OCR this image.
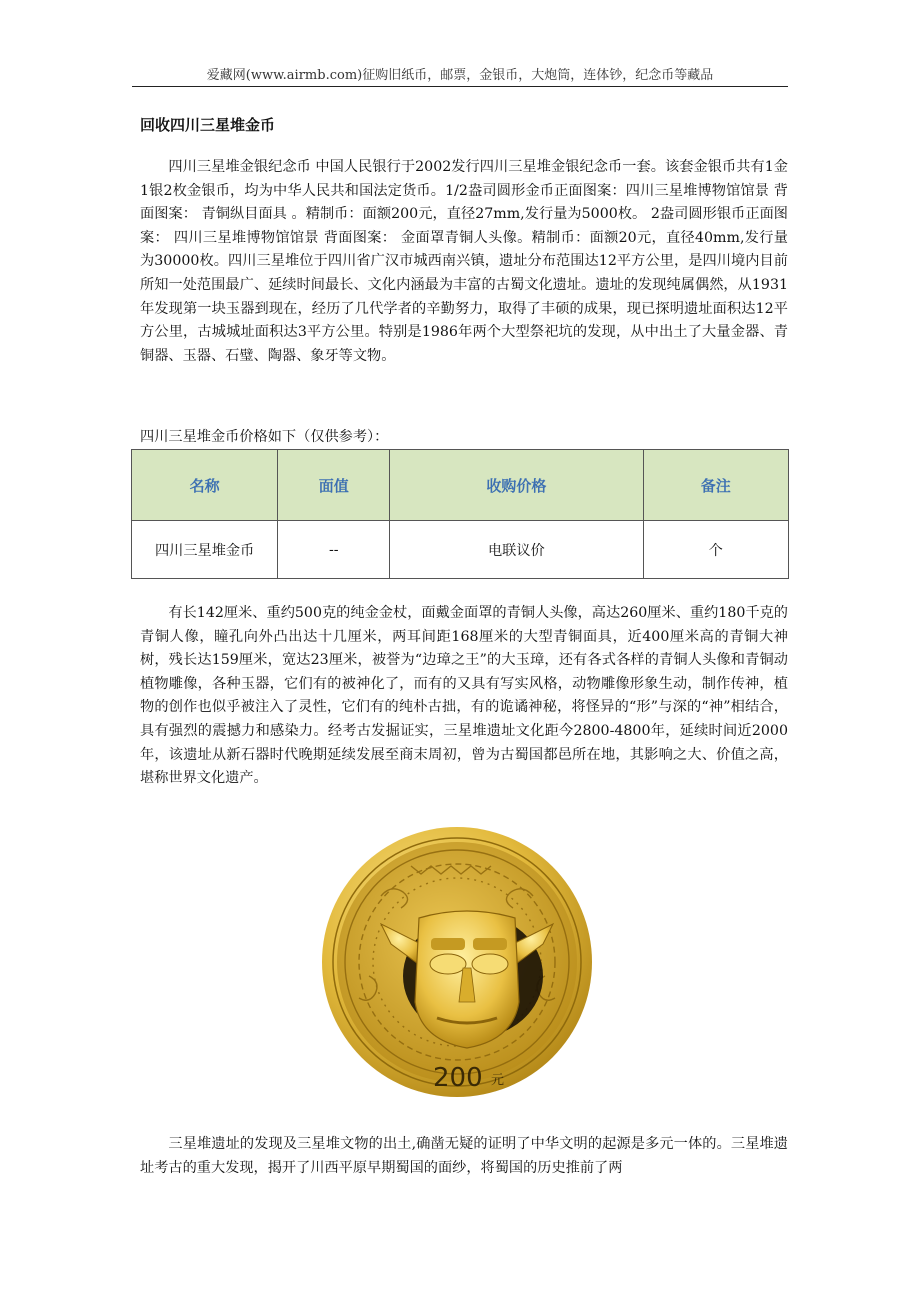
爱藏网(www.airmb.com)征购旧纸币，邮票，金银币，大炮筒，连体钞，纪念币等藏品
回收四川三星堆金币

四川三星堆金银纪念币 中国人民银行于2002发行四川三星堆金银纪念币一套。该套金银币共有1金1银2枚金银币，均为中华人民共和国法定货币。1/2盎司圆形金币正面图案：四川三星堆博物馆馆景 背面图案： 青铜纵目面具 。精制币：面额200元，直径27mm,发行量为5000枚。 2盎司圆形银币正面图案： 四川三星堆博物馆馆景 背面图案： 金面罩青铜人头像。精制币：面额20元，直径40mm,发行量为30000枚。四川三星堆位于四川省广汉市城西南兴镇，遗址分布范围达12平方公里，是四川境内目前所知一处范围最广、延续时间最长、文化内涵最为丰富的古蜀文化遗址。遗址的发现纯属偶然，从1931年发现第一块玉器到现在，经历了几代学者的辛勤努力，取得了丰硕的成果，现已探明遗址面积达12平方公里，古城城址面积达3平方公里。特别是1986年两个大型祭祀坑的发现，从中出土了大量金器、青铜器、玉器、石璧、陶器、象牙等文物。

四川三星堆金币价格如下（仅供参考）：
名称	面值	收购价格	备注
四川三星堆金币	--	电联议价	个

有长142厘米、重约500克的纯金金杖，面戴金面罩的青铜人头像，高达260厘米、重约180千克的青铜人像，瞳孔向外凸出达十几厘米，两耳间距168厘米的大型青铜面具，近400厘米高的青铜大神树，残长达159厘米，宽达23厘米，被誉为“边璋之王”的大玉璋，还有各式各样的青铜人头像和青铜动植物雕像，各种玉器，它们有的被神化了，而有的又具有写实风格，动物雕像形象生动，制作传神，植物的创作也似乎被注入了灵性，它们有的纯朴古拙，有的诡谲神秘，将怪异的“形”与深的“神”相结合，具有强烈的震撼力和感染力。经考古发掘证实，三星堆遗址文化距今2800-4800年，延续时间近2000年，该遗址从新石器时代晚期延续发展至商末周初，曾为古蜀国都邑所在地，其影响之大、价值之高，堪称世界文化遗产。

200 元

三星堆遗址的发现及三星堆文物的出土,确凿无疑的证明了中华文明的起源是多元一体的。三星堆遗址考古的重大发现，揭开了川西平原早期蜀国的面纱，将蜀国的历史推前了两
